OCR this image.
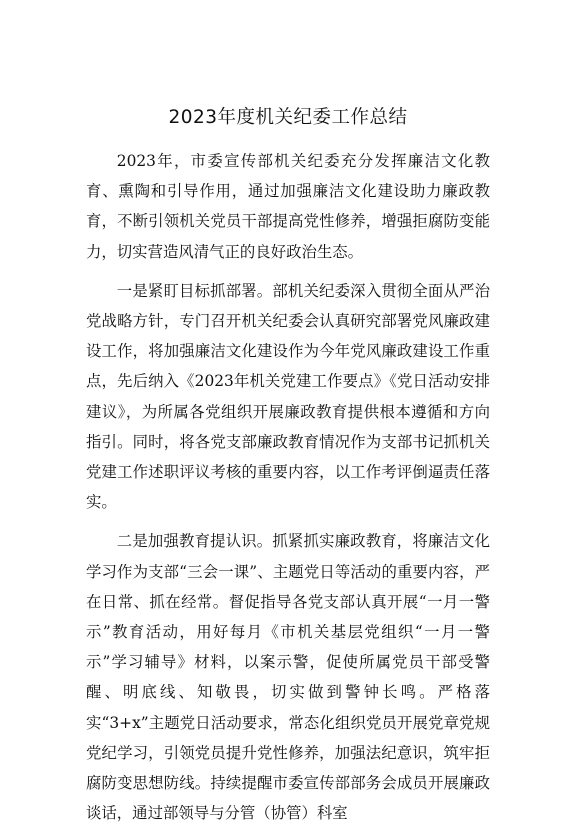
2023年度机关纪委工作总结

2023年，市委宣传部机关纪委充分发挥廉洁文化教育、熏陶和引导作用，通过加强廉洁文化建设助力廉政教育，不断引领机关党员干部提高党性修养，增强拒腐防变能力，切实营造风清气正的良好政治生态。

一是紧盯目标抓部署。部机关纪委深入贯彻全面从严治党战略方针，专门召开机关纪委会认真研究部署党风廉政建设工作，将加强廉洁文化建设作为今年党风廉政建设工作重点，先后纳入《2023年机关党建工作要点》《党日活动安排建议》，为所属各党组织开展廉政教育提供根本遵循和方向指引。同时，将各党支部廉政教育情况作为支部书记抓机关党建工作述职评议考核的重要内容，以工作考评倒逼责任落实。

二是加强教育提认识。抓紧抓实廉政教育，将廉洁文化学习作为支部“三会一课”、主题党日等活动的重要内容，严在日常、抓在经常。督促指导各党支部认真开展“一月一警示”教育活动，用好每月《市机关基层党组织“一月一警示”学习辅导》材料，以案示警，促使所属党员干部受警醒、明底线、知敬畏，切实做到警钟长鸣。严格落实“3+x”主题党日活动要求，常态化组织党员开展党章党规党纪学习，引领党员提升党性修养，加强法纪意识，筑牢拒腐防变思想防线。持续提醒市委宣传部部务会成员开展廉政谈话，通过部领导与分管（协管）科室
